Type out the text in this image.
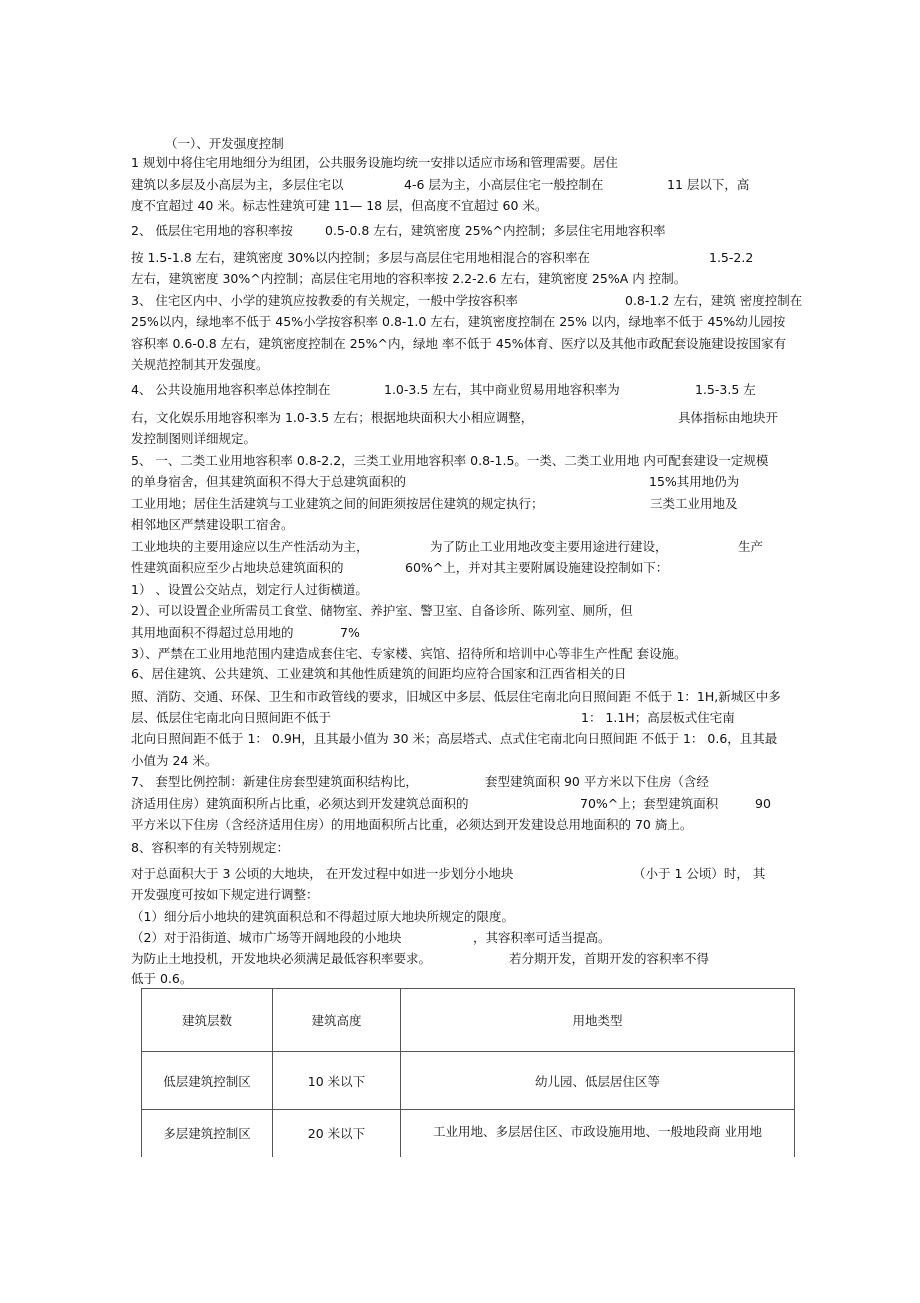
（一）、开发强度控制
1 规划中将住宅用地细分为组团，公共服务设施均统一安排以适应市场和管理需要。居住
建筑以多层及小高层为主，多层住宅以	4-6 层为主，小高层住宅一般控制在	11 层以下，高
度不宜超过 40 米。标志性建筑可建 11— 18 层，但高度不宜超过 60 米。
2、 低层住宅用地的容积率按	0.5-0.8 左右，建筑密度 25%^内控制；多层住宅用地容积率
按 1.5-1.8 左右，建筑密度 30%以内控制；多层与高层住宅用地相混合的容积率在	1.5-2.2
左右，建筑密度 30%^内控制；高层住宅用地的容积率按 2.2-2.6 左右，建筑密度 25%A 内 控制。
3、 住宅区内中、小学的建筑应按教委的有关规定，一般中学按容积率	0.8-1.2 左右，建筑 密度控制在
25%以内，绿地率不低于 45%小学按容积率 0.8-1.0 左右，建筑密度控制在 25% 以内，绿地率不低于 45%幼儿园按
容积率 0.6-0.8 左右，建筑密度控制在 25%^内，绿地 率不低于 45%体育、医疗以及其他市政配套设施建设按国家有
关规范控制其开发强度。
4、 公共设施用地容积率总体控制在	1.0-3.5 左右，其中商业贸易用地容积率为	1.5-3.5 左
右，文化娱乐用地容积率为 1.0-3.5 左右；根据地块面积大小相应调整，	具体指标由地块开
发控制图则详细规定。
5、 一、二类工业用地容积率 0.8-2.2，三类工业用地容积率 0.8-1.5。一类、二类工业用地 内可配套建设一定规模
的单身宿舍，但其建筑面积不得大于总建筑面积的	15%其用地仍为
工业用地；居住生活建筑与工业建筑之间的间距须按居住建筑的规定执行；	三类工业用地及
相邻地区严禁建设职工宿舍。
工业地块的主要用途应以生产性活动为主，	为了防止工业用地改变主要用途进行建设，	生产
性建筑面积应至少占地块总建筑面积的	60%^上，并对其主要附属设施建设控制如下：
1） 、设置公交站点，划定行人过街横道。
2）、可以设置企业所需员工食堂、储物室、养护室、警卫室、自备诊所、陈列室、厕所，但
其用地面积不得超过总用地的	7%
3）、严禁在工业用地范围内建造成套住宅、专家楼、宾馆、招待所和培训中心等非生产性配 套设施。
6、居住建筑、公共建筑、工业建筑和其他性质建筑的间距均应符合国家和江西省相关的日
照、消防、交通、环保、卫生和市政管线的要求，旧城区中多层、低层住宅南北向日照间距 不低于 1：1H,新城区中多
层、低层住宅南北向日照间距不低于	1： 1.1H；高层板式住宅南
北向日照间距不低于 1： 0.9H，且其最小值为 30 米；高层塔式、点式住宅南北向日照间距 不低于 1： 0.6，且其最
小值为 24 米。
7、 套型比例控制：新建住房套型建筑面积结构比，	套型建筑面积 90 平方米以下住房（含经
济适用住房）建筑面积所占比重，必须达到开发建筑总面积的	70%^上；套型建筑面积	90
平方米以下住房（含经济适用住房）的用地面积所占比重，必须达到开发建设总用地面积的 70 旖上。
8、容积率的有关特别规定：
对于总面积大于 3 公顷的大地块， 在开发过程中如进一步划分小地块	（小于 1 公顷）时， 其
开发强度可按如下规定进行调整：
（1）细分后小地块的建筑面积总和不得超过原大地块所规定的限度。
（2）对于沿街道、城市广场等开阔地段的小地块	，其容积率可适当提高。
为防止土地投机，开发地块必须满足最低容积率要求。	若分期开发，首期开发的容积率不得
低于 0.6。
建筑层数	建筑高度	用地类型
低层建筑控制区	10 米以下	幼儿园、低层居住区等
多层建筑控制区	20 米以下	工业用地、多层居住区、市政设施用地、一般地段商 业用地
